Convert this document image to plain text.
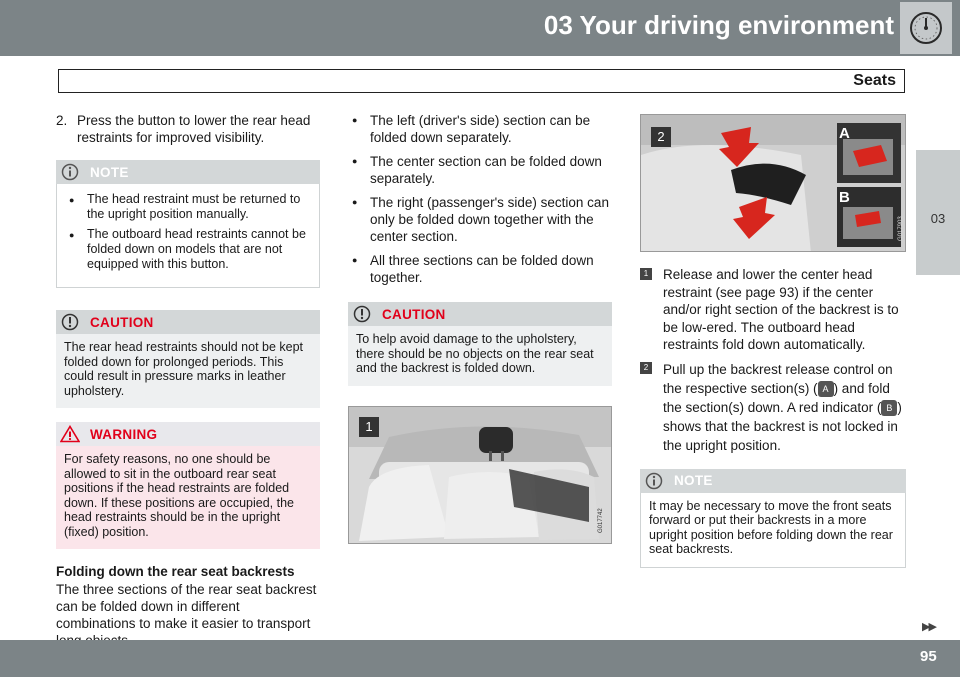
03 Your driving environment
Seats
03
2. Press the button to lower the rear head restraints for improved visibility.
NOTE
●	The head restraint must be returned to the upright position manually.
●	The outboard head restraints cannot be folded down on models that are not equipped with this button.
CAUTION
The rear head restraints should not be kept folded down for prolonged periods. This could result in pressure marks in leather upholstery.
WARNING
For safety reasons, no one should be allowed to sit in the outboard rear seat positions if the head restraints are folded down. If these positions are occupied, the head restraints should be in the upright (fixed) position.
Folding down the rear seat backrests
The three sections of the rear seat backrest can be folded down in different combinations to make it easier to transport
● The left (driver's side) section can be folded down separately.
● The center section can be folded down separately.
● The right (passenger's side) section can only be folded down together with the center section.
● All three sections can be folded down together.
CAUTION
To help avoid damage to the upholstery, there should be no objects on the rear seat and the backrest is folded down.
1
G017742
2	A
B
G017903
1 Release and lower the center head restraint (see page 93) if the center and/or right section of the backrest is to be low-ered. The outboard head restraints fold down automatically.
2 Pull up the backrest release control on the respective section(s) ( A ) and fold the section(s) down. A red indicator ( B ) shows that the backrest is not locked in the upright position.
NOTE
It may be necessary to move the front seats forward or put their backrests in a more upright position before folding down the rear seat backrests.
▶▶
95
